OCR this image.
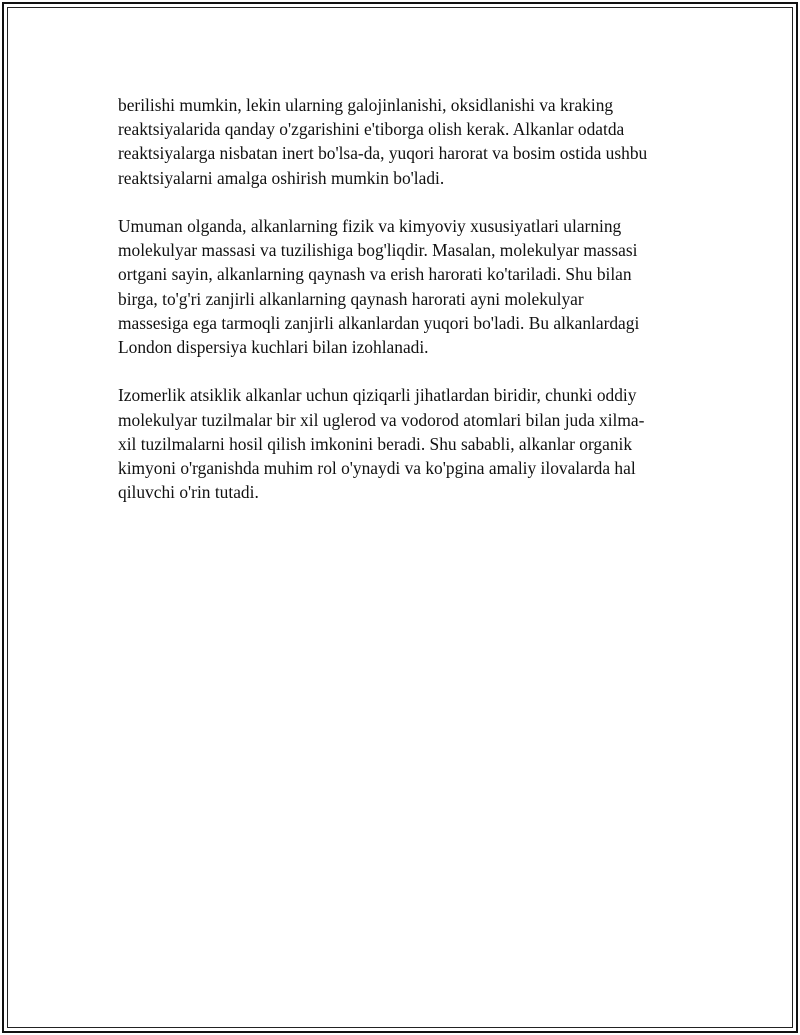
berilishi mumkin, lekin ularning galojinlanishi, oksidlanishi va kraking
reaktsiyalarida qanday o'zgarishini e'tiborga olish kerak. Alkanlar odatda
reaktsiyalarga nisbatan inert bo'lsa-da, yuqori harorat va bosim ostida ushbu
reaktsiyalarni amalga oshirish mumkin bo'ladi.

Umuman olganda, alkanlarning fizik va kimyoviy xususiyatlari ularning
molekulyar massasi va tuzilishiga bog'liqdir. Masalan, molekulyar massasi
ortgani sayin, alkanlarning qaynash va erish harorati ko'tariladi. Shu bilan
birga, to'g'ri zanjirli alkanlarning qaynash harorati ayni molekulyar
massesiga ega tarmoqli zanjirli alkanlardan yuqori bo'ladi. Bu alkanlardagi
London dispersiya kuchlari bilan izohlanadi.

Izomerlik atsiklik alkanlar uchun qiziqarli jihatlardan biridir, chunki oddiy
molekulyar tuzilmalar bir xil uglerod va vodorod atomlari bilan juda xilma-
xil tuzilmalarni hosil qilish imkonini beradi. Shu sababli, alkanlar organik
kimyoni o'rganishda muhim rol o'ynaydi va ko'pgina amaliy ilovalarda hal
qiluvchi o'rin tutadi.
